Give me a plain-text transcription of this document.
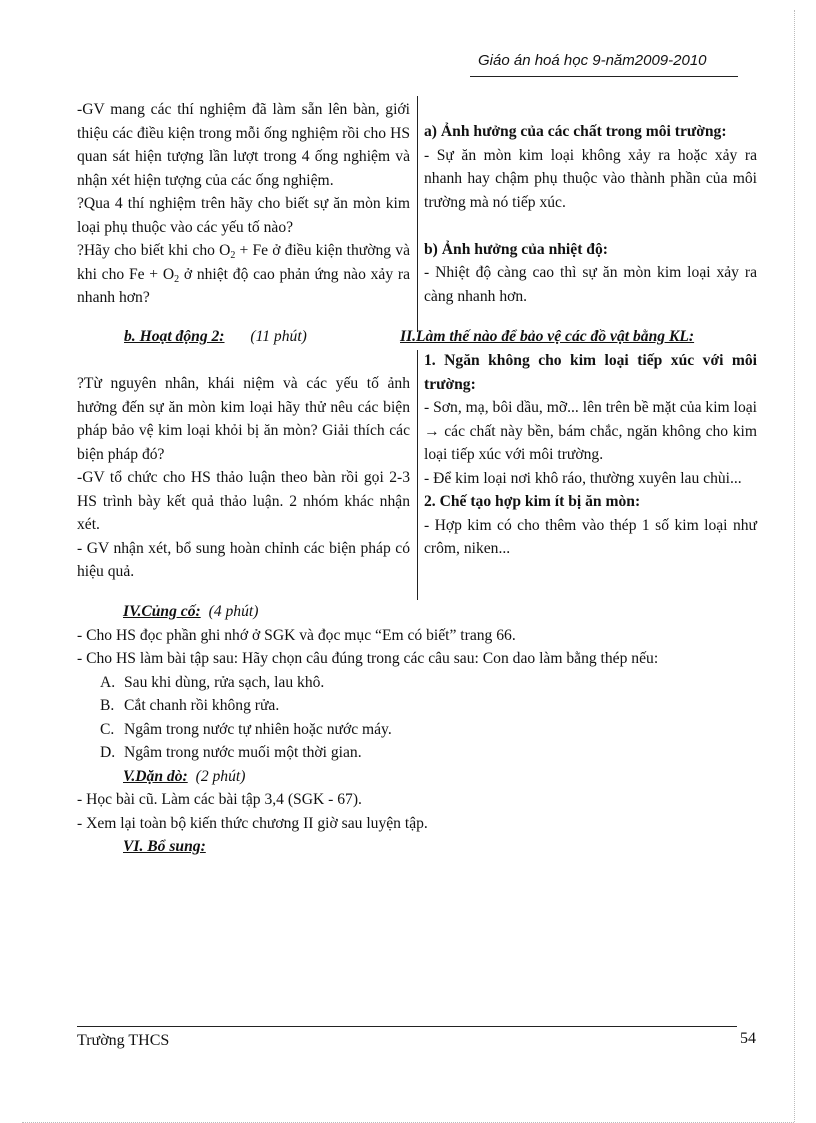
Giáo án hoá học 9-năm2009-2010

-GV mang các thí nghiệm đã làm sẵn lên bàn, giới thiệu các điều kiện trong mỗi ống nghiệm rồi cho HS quan sát hiện tượng lần lượt trong 4 ống nghiệm và nhận xét hiện tượng của các ống nghiệm.

?Qua 4 thí nghiệm trên hãy cho biết sự ăn mòn kim loại phụ thuộc vào các yếu tố nào?

?Hãy cho biết khi cho $O_2 + Fe$ ở điều kiện thường và khi cho $Fe + O_2$ ở nhiệt độ cao phản ứng nào xảy ra nhanh hơn?

a) Ảnh hưởng của các chất trong môi trường:

- Sự ăn mòn kim loại không xảy ra hoặc xảy ra nhanh hay chậm phụ thuộc vào thành phần của môi trường mà nó tiếp xúc.

b) Ảnh hưởng của nhiệt độ:

- Nhiệt độ càng cao thì sự ăn mòn kim loại xảy ra càng nhanh hơn.

b. Hoạt động 2: (11 phút)	II.Làm thế nào để bảo vệ các đồ vật bằng KL:

?Từ nguyên nhân, khái niệm và các yếu tố ảnh hưởng đến sự ăn mòn kim loại hãy thử nêu các biện pháp bảo vệ kim loại khỏi bị ăn mòn? Giải thích các biện pháp đó?

-GV tổ chức cho HS thảo luận theo bàn rồi gọi 2-3 HS trình bày kết quả thảo luận. 2 nhóm khác nhận xét.

- GV nhận xét, bổ sung hoàn chỉnh các biện pháp có hiệu quả.

1. Ngăn không cho kim loại tiếp xúc với môi trường:

- Sơn, mạ, bôi dầu, mỡ... lên trên bề mặt của kim loại → các chất này bền, bám chắc, ngăn không cho kim loại tiếp xúc với môi trường.

- Để kim loại nơi khô ráo, thường xuyên lau chùi...

2. Chế tạo hợp kim ít bị ăn mòn:

- Hợp kim có cho thêm vào thép 1 số kim loại như crôm, niken...

IV.Củng cố: (4 phút)

- Cho HS đọc phần ghi nhớ ở SGK và đọc mục “Em có biết” trang 66.

- Cho HS làm bài tập sau: Hãy chọn câu đúng trong các câu sau: Con dao làm bằng thép nếu:

A. Sau khi dùng, rửa sạch, lau khô.

B. Cắt chanh rồi không rửa.

C. Ngâm trong nước tự nhiên hoặc nước máy.

D. Ngâm trong nước muối một thời gian.

V.Dặn dò: (2 phút)

- Học bài cũ. Làm các bài tập 3,4 (SGK - 67).

- Xem lại toàn bộ kiến thức chương II giờ sau luyện tập.

VI. Bổ sung:

Trường THCS	54
